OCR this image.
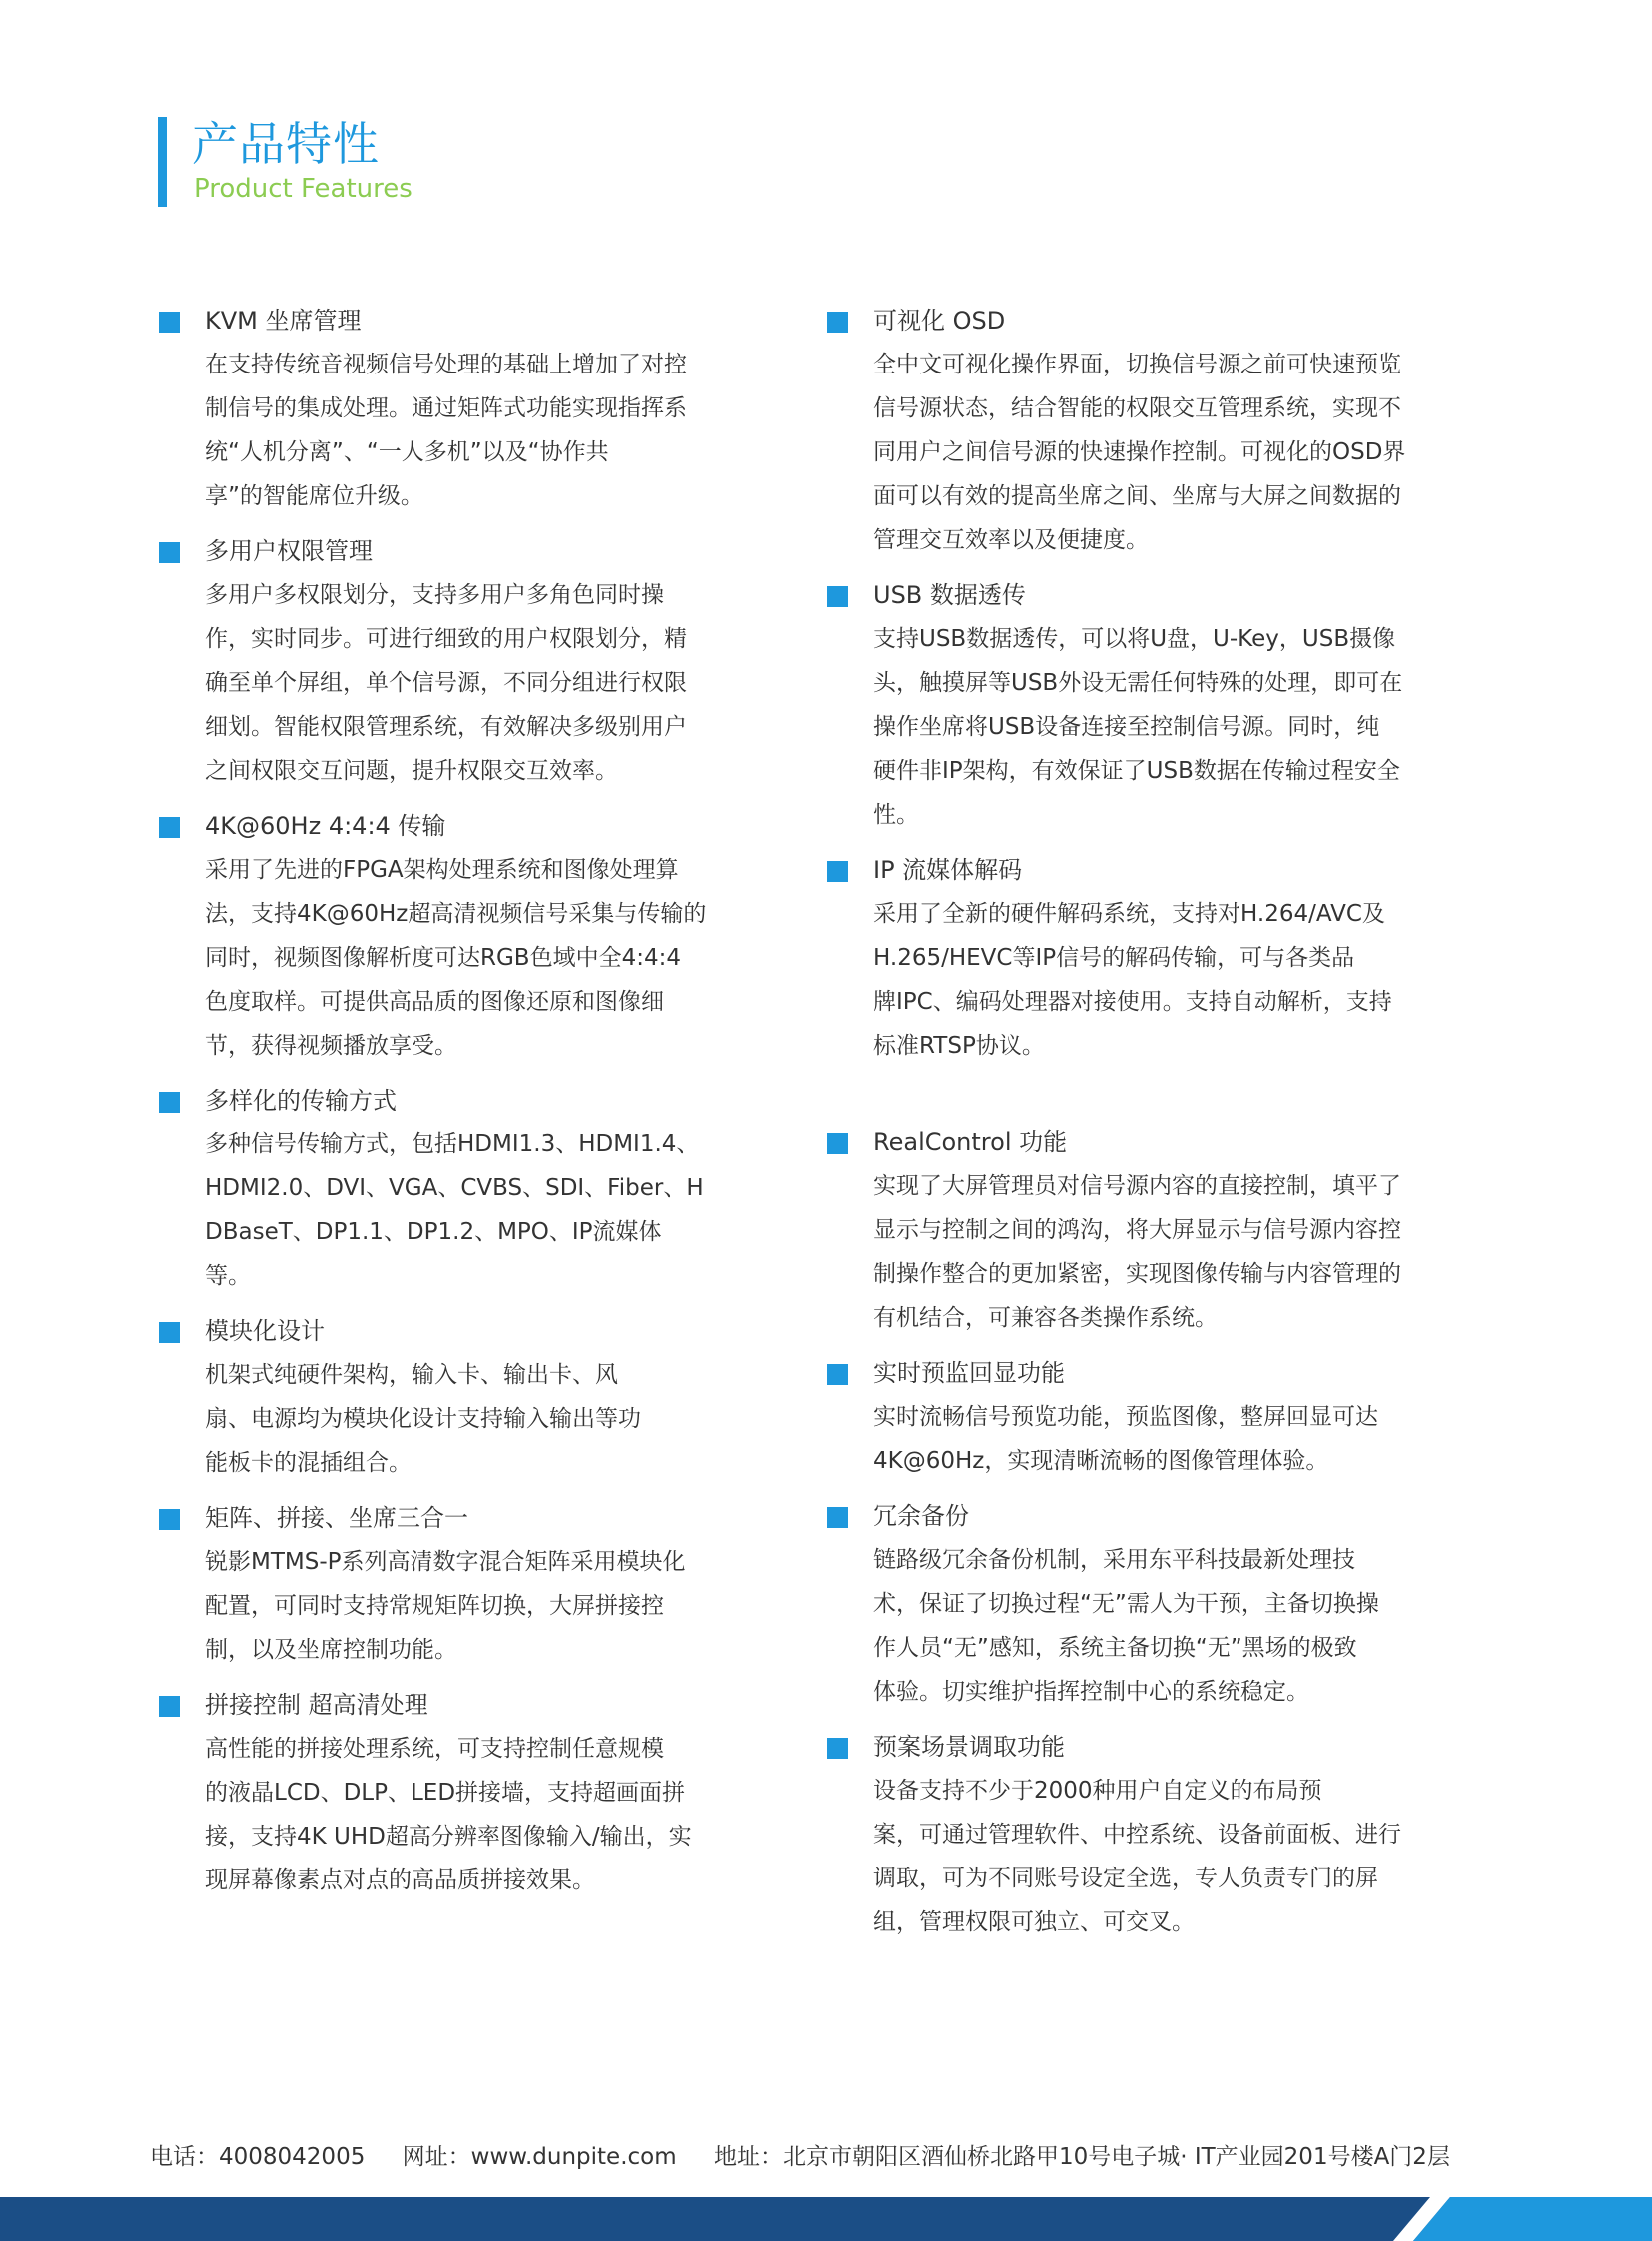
产品特性
Product Features
KVM 坐席管理
在支持传统音视频信号处理的基础上增加了对控
制信号的集成处理。通过矩阵式功能实现指挥系
统“人机分离”、“一人多机”以及“协作共
享”的智能席位升级。
多用户权限管理
多用户多权限划分，支持多用户多角色同时操
作，实时同步。可进行细致的用户权限划分，精
确至单个屏组，单个信号源，不同分组进行权限
细划。智能权限管理系统，有效解决多级别用户
之间权限交互问题，提升权限交互效率。
4K@60Hz 4:4:4 传输
采用了先进的FPGA架构处理系统和图像处理算
法，支持4K@60Hz超高清视频信号采集与传输的
同时，视频图像解析度可达RGB色域中全4:4:4
色度取样。可提供高品质的图像还原和图像细
节，获得视频播放享受。
多样化的传输方式
多种信号传输方式，包括HDMI1.3、HDMI1.4、
HDMI2.0、DVI、VGA、CVBS、SDI、Fiber、H
DBaseT、DP1.1、DP1.2、MPO、IP流媒体
等。
模块化设计
机架式纯硬件架构，输入卡、输出卡、风
扇、电源均为模块化设计支持输入输出等功
能板卡的混插组合。
矩阵、拼接、坐席三合一
锐影MTMS-P系列高清数字混合矩阵采用模块化
配置，可同时支持常规矩阵切换，大屏拼接控
制，以及坐席控制功能。
拼接控制 超高清处理
高性能的拼接处理系统，可支持控制任意规模
的液晶LCD、DLP、LED拼接墙，支持超画面拼
接，支持4K UHD超高分辨率图像输入/输出，实
现屏幕像素点对点的高品质拼接效果。
可视化 OSD
全中文可视化操作界面，切换信号源之前可快速预览
信号源状态，结合智能的权限交互管理系统，实现不
同用户之间信号源的快速操作控制。可视化的OSD界
面可以有效的提高坐席之间、坐席与大屏之间数据的
管理交互效率以及便捷度。
USB 数据透传
支持USB数据透传，可以将U盘，U-Key，USB摄像
头，触摸屏等USB外设无需任何特殊的处理，即可在
操作坐席将USB设备连接至控制信号源。同时，纯
硬件非IP架构，有效保证了USB数据在传输过程安全
性。
IP 流媒体解码
采用了全新的硬件解码系统，支持对H.264/AVC及
H.265/HEVC等IP信号的解码传输，可与各类品
牌IPC、编码处理器对接使用。支持自动解析，支持
标准RTSP协议。
RealControl 功能
实现了大屏管理员对信号源内容的直接控制，填平了
显示与控制之间的鸿沟，将大屏显示与信号源内容控
制操作整合的更加紧密，实现图像传输与内容管理的
有机结合，可兼容各类操作系统。
实时预监回显功能
实时流畅信号预览功能，预监图像，整屏回显可达
4K@60Hz，实现清晰流畅的图像管理体验。
冗余备份
链路级冗余备份机制，采用东平科技最新处理技
术，保证了切换过程“无”需人为干预，主备切换操
作人员“无”感知，系统主备切换“无”黑场的极致
体验。切实维护指挥控制中心的系统稳定。
预案场景调取功能
设备支持不少于2000种用户自定义的布局预
案，可通过管理软件、中控系统、设备前面板、进行
调取，可为不同账号设定全选，专人负责专门的屏
组，管理权限可独立、可交叉。
电话：4008042005 网址：www.dunpite.com 地址：北京市朝阳区酒仙桥北路甲10号电子城· IT产业园201号楼A门2层
